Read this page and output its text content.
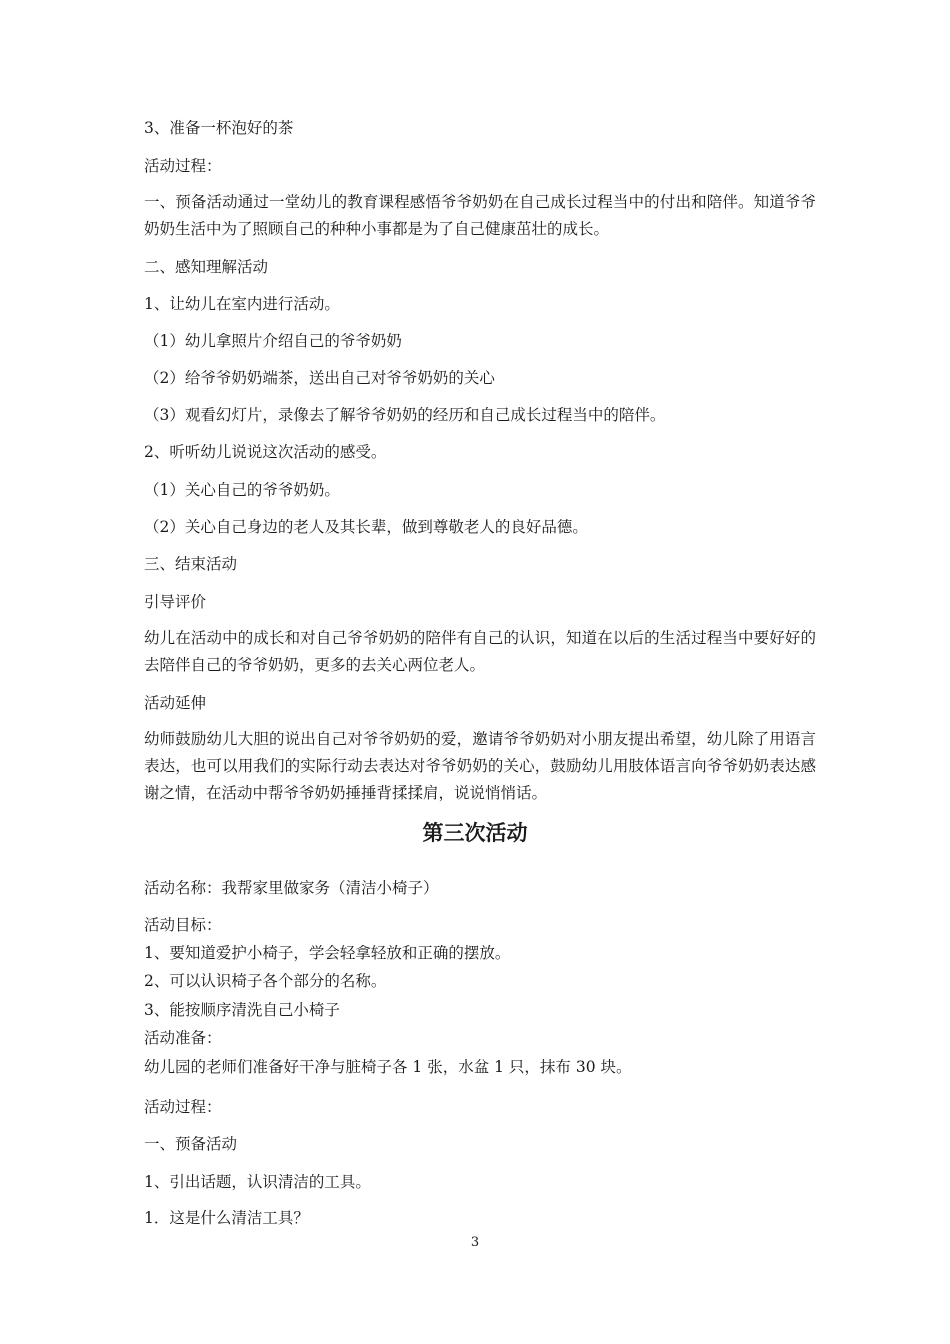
3、准备一杯泡好的茶

活动过程：

一、预备活动通过一堂幼儿的教育课程感悟爷爷奶奶在自己成长过程当中的付出和陪伴。知道爷爷奶奶生活中为了照顾自己的种种小事都是为了自己健康茁壮的成长。

二、感知理解活动

1、让幼儿在室内进行活动。

（1）幼儿拿照片介绍自己的爷爷奶奶

（2）给爷爷奶奶端茶，送出自己对爷爷奶奶的关心

（3）观看幻灯片，录像去了解爷爷奶奶的经历和自己成长过程当中的陪伴。

2、听听幼儿说说这次活动的感受。

（1）关心自己的爷爷奶奶。

（2）关心自己身边的老人及其长辈，做到尊敬老人的良好品德。

三、结束活动

引导评价

幼儿在活动中的成长和对自己爷爷奶奶的陪伴有自己的认识，知道在以后的生活过程当中要好好的去陪伴自己的爷爷奶奶，更多的去关心两位老人。

活动延伸

幼师鼓励幼儿大胆的说出自己对爷爷奶奶的爱，邀请爷爷奶奶对小朋友提出希望，幼儿除了用语言表达，也可以用我们的实际行动去表达对爷爷奶奶的关心，鼓励幼儿用肢体语言向爷爷奶奶表达感谢之情，在活动中帮爷爷奶奶捶捶背揉揉肩，说说悄悄话。

第三次活动

活动名称：我帮家里做家务（清洁小椅子）

活动目标：

1、要知道爱护小椅子，学会轻拿轻放和正确的摆放。

2、可以认识椅子各个部分的名称。

3、能按顺序清洗自己小椅子

活动准备：

幼儿园的老师们准备好干净与脏椅子各 1 张，水盆 1 只，抹布 30 块。

活动过程：

一、预备活动

1、引出话题，认识清洁的工具。

1．这是什么清洁工具？

3
